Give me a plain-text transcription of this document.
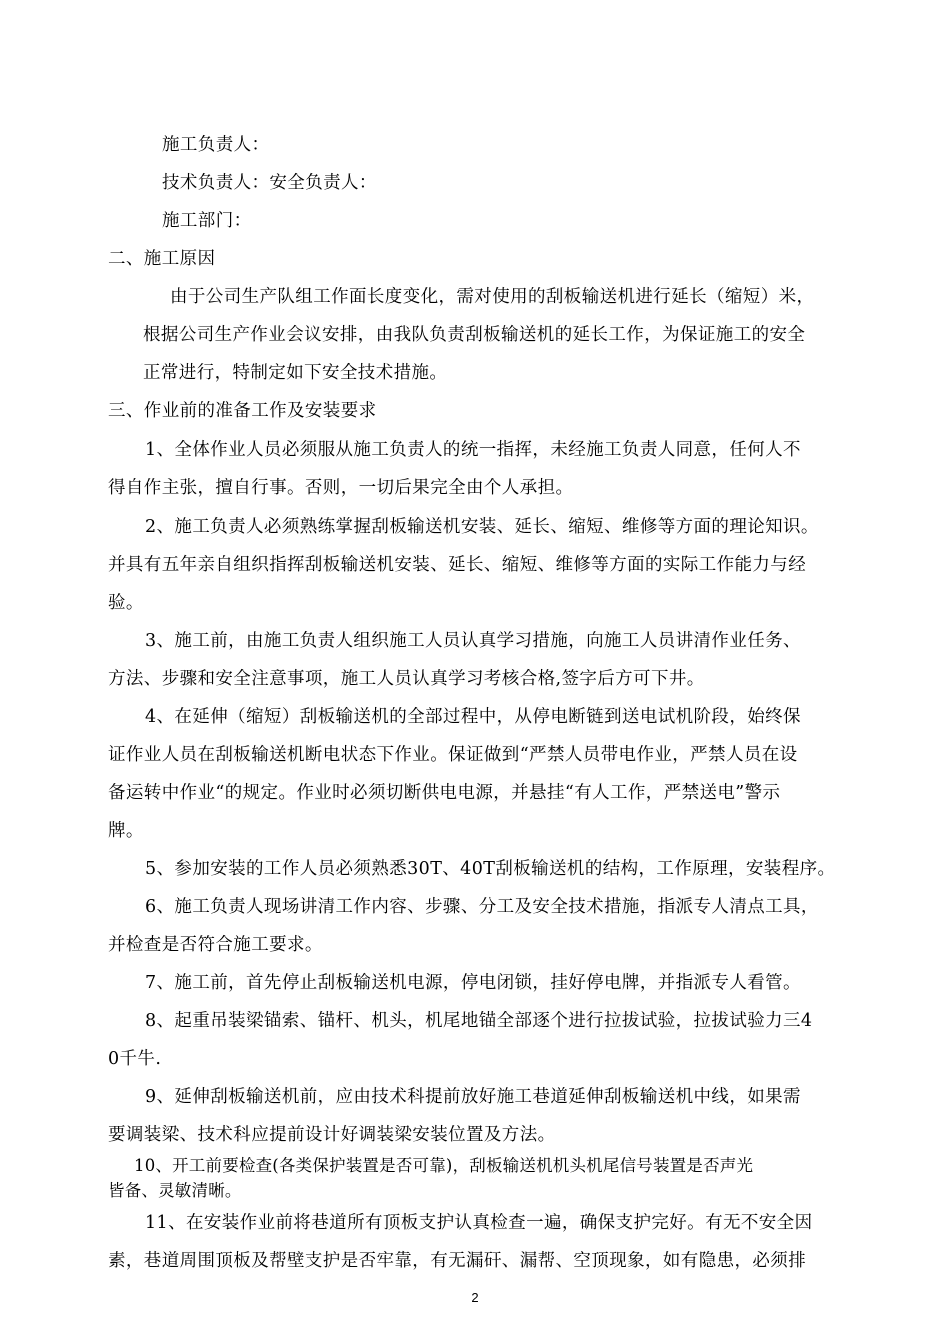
施工负责人：

技术负责人：安全负责人：

施工部门：

二、施工原因

由于公司生产队组工作面长度变化，需对使用的刮板输送机进行延长（缩短）米，

根据公司生产作业会议安排，由我队负责刮板输送机的延长工作，为保证施工的安全

正常进行，特制定如下安全技术措施。

三、作业前的准备工作及安装要求

1、全体作业人员必须服从施工负责人的统一指挥，未经施工负责人同意，任何人不

得自作主张，擅自行事。否则，一切后果完全由个人承担。

2、施工负责人必须熟练掌握刮板输送机安装、延长、缩短、维修等方面的理论知识。

并具有五年亲自组织指挥刮板输送机安装、延长、缩短、维修等方面的实际工作能力与经

验。

3、施工前，由施工负责人组织施工人员认真学习措施，向施工人员讲清作业任务、

方法、步骤和安全注意事项，施工人员认真学习考核合格,签字后方可下井。

4、在延伸（缩短）刮板输送机的全部过程中，从停电断链到送电试机阶段，始终保

证作业人员在刮板输送机断电状态下作业。保证做到“严禁人员带电作业，严禁人员在设

备运转中作业“的规定。作业时必须切断供电电源，并悬挂“有人工作，严禁送电”警示

牌。

5、参加安装的工作人员必须熟悉30T、40T刮板输送机的结构，工作原理，安装程序。

6、施工负责人现场讲清工作内容、步骤、分工及安全技术措施，指派专人清点工具，

并检查是否符合施工要求。

7、施工前，首先停止刮板输送机电源，停电闭锁，挂好停电牌，并指派专人看管。

8、起重吊装梁锚索、锚杆、机头，机尾地锚全部逐个进行拉拔试验，拉拔试验力三4

0千牛.

9、延伸刮板输送机前，应由技术科提前放好施工巷道延伸刮板输送机中线，如果需

要调装梁、技术科应提前设计好调装梁安装位置及方法。

10、开工前要检查(各类保护装置是否可靠)，刮板输送机机头机尾信号装置是否声光

皆备、灵敏清晰。

11、在安装作业前将巷道所有顶板支护认真检查一遍，确保支护完好。有无不安全因

素，巷道周围顶板及帮壁支护是否牢靠，有无漏矸、漏帮、空顶现象，如有隐患，必须排

2
